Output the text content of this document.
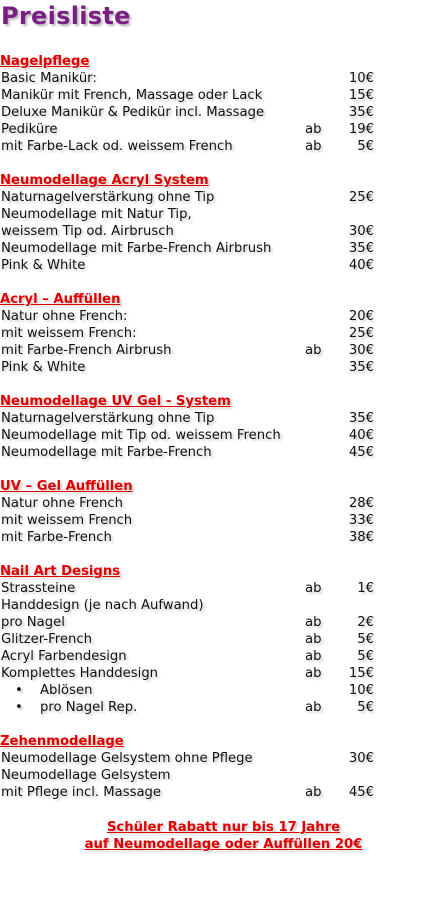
Preisliste
Nagelpflege
Basic Manikür:	10€
Manikür mit French, Massage oder Lack	15€
Deluxe Manikür & Pedikür incl. Massage	35€
Pediküre	ab 19€
mit Farbe-Lack od. weissem French	ab	5€
Neumodellage Acryl System
Naturnagelverstärkung ohne Tip	25€
Neumodellage mit Natur Tip,
weissem Tip od. Airbrusch	30€
Neumodellage mit Farbe-French Airbrush	35€
Pink & White	40€
Acryl – Auffüllen
Natur ohne French:	20€
mit weissem French:	25€
mit Farbe-French Airbrush	ab 30€
Pink & White	35€
Neumodellage UV Gel - System
Naturnagelverstärkung ohne Tip	35€
Neumodellage mit Tip od. weissem French	40€
Neumodellage mit Farbe-French	45€
UV – Gel Auffüllen
Natur ohne French	28€
mit weissem French	33€
mit Farbe-French	38€
Nail Art Designs
Strassteine	ab	1€
Handdesign (je nach Aufwand)
pro Nagel	ab	2€
Glitzer-French	ab	5€
Acryl Farbendesign	ab	5€
Komplettes Handdesign	ab 15€
• Ablösen	10€
• pro Nagel Rep.	ab	5€
Zehenmodellage
Neumodellage Gelsystem ohne Pflege	30€
Neumodellage Gelsystem
mit Pflege incl. Massage	ab 45€
Schüler Rabatt nur bis 17 Jahre
auf Neumodellage oder Auffüllen 20€
